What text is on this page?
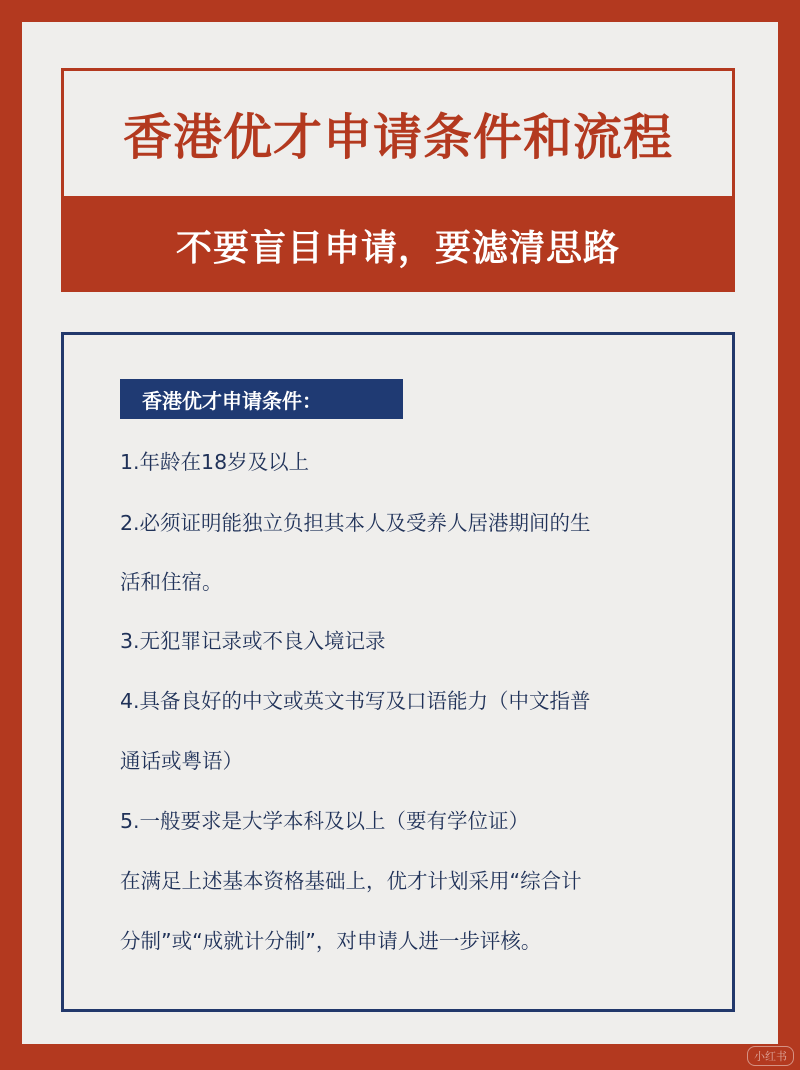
香港优才申请条件和流程
不要盲目申请，要滤清思路
香港优才申请条件：
1.年龄在18岁及以上
2.必须证明能独立负担其本人及受养人居港期间的生
活和住宿。
3.无犯罪记录或不良入境记录
4.具备良好的中文或英文书写及口语能力（中文指普
通话或粤语）
5.一般要求是大学本科及以上（要有学位证）
在满足上述基本资格基础上，优才计划采用“综合计
分制”或“成就计分制”，对申请人进一步评核。
小红书
